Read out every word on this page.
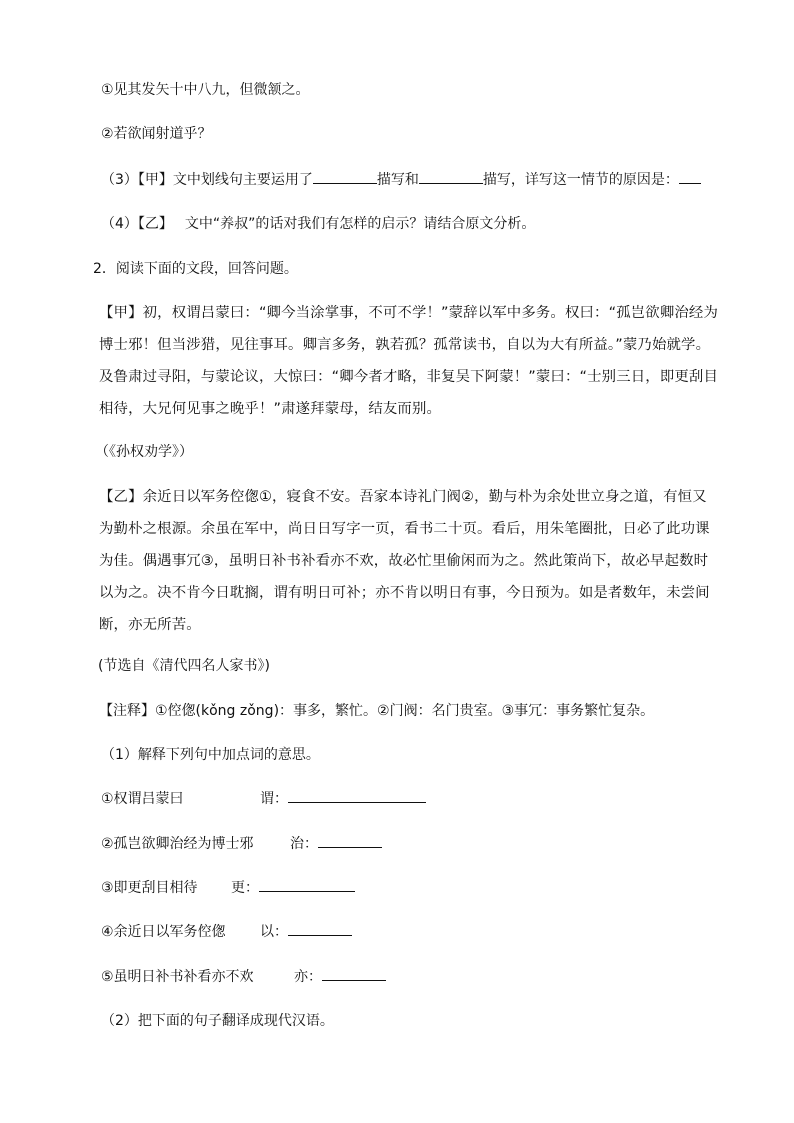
①见其发矢十中八九，但微颔之。
②若欲闻射道乎？
（3）【甲】文中划线句主要运用了	描写和	描写，详写这一情节的原因是：
（4）【乙】 文中“养叔”的话对我们有怎样的启示？请结合原文分析。
2．阅读下面的文段，回答问题。
【甲】初，权谓吕蒙曰：“卿今当涂掌事，不可不学！”蒙辞以军中多务。权曰：“孤岂欲卿治经为博士邪！但当涉猎，见往事耳。卿言多务，孰若孤？孤常读书，自以为大有所益。”蒙乃始就学。及鲁肃过寻阳，与蒙论议，大惊曰：“卿今者才略，非复吴下阿蒙！”蒙曰：“士别三日，即更刮目相待，大兄何见事之晚乎！”肃遂拜蒙母，结友而别。
（《孙权劝学》）
【乙】余近日以军务倥偬①，寝食不安。吾家本诗礼门阀②，勤与朴为余处世立身之道，有恒又为勤朴之根源。余虽在军中，尚日日写字一页，看书二十页。看后，用朱笔圈批，日必了此功课为佳。偶遇事冗③，虽明日补书补看亦不欢，故必忙里偷闲而为之。然此策尚下，故必早起数时以为之。决不肯今日耽搁，谓有明日可补；亦不肯以明日有事，今日预为。如是者数年，未尝间断，亦无所苦。
(节选自《清代四名人家书》)
【注释】①倥偬(kǒng zǒng)：事多，繁忙。②门阀：名门贵室。③事冗：事务繁忙复杂。
（1）解释下列句中加点词的意思。
①权谓吕蒙曰	谓：
②孤岂欲卿治经为博士邪	治：
③即更刮目相待 更：
④余近日以军务倥偬 以：
⑤虽明日补书补看亦不欢	亦：
（2）把下面的句子翻译成现代汉语。
